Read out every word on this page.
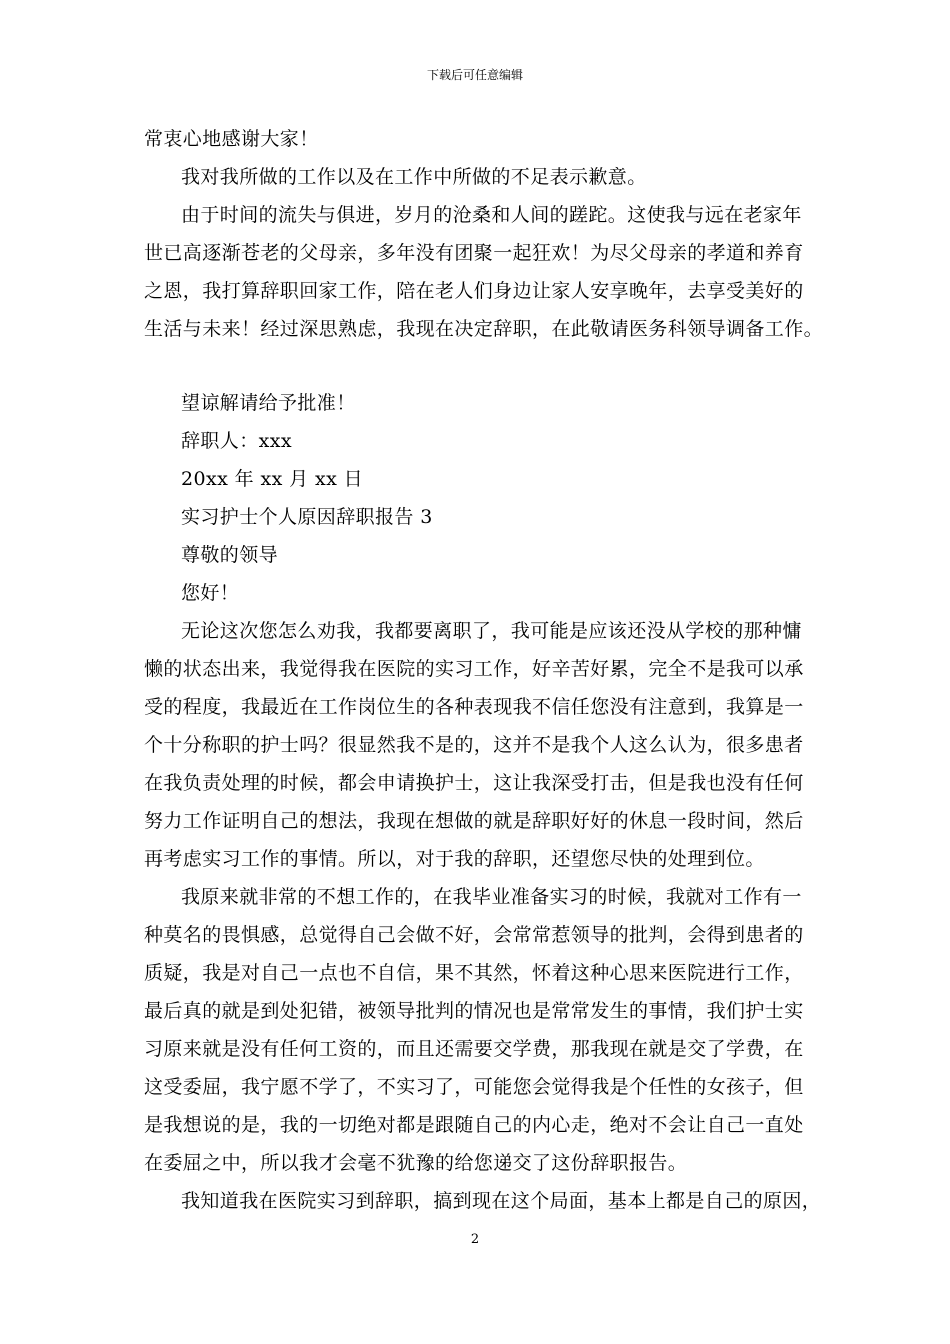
下载后可任意编辑
常衷心地感谢大家！
我对我所做的工作以及在工作中所做的不足表示歉意。
由于时间的流失与俱进，岁月的沧桑和人间的蹉跎。这使我与远在老家年
世已高逐渐苍老的父母亲，多年没有团聚一起狂欢！为尽父母亲的孝道和养育
之恩，我打算辞职回家工作，陪在老人们身边让家人安享晚年，去享受美好的
生活与未来！经过深思熟虑，我现在决定辞职，在此敬请医务科领导调备工作。
望谅解请给予批准！
辞职人：xxx
20xx 年 xx 月 xx 日
实习护士个人原因辞职报告 3
尊敬的领导
您好！
无论这次您怎么劝我，我都要离职了，我可能是应该还没从学校的那种慵
懒的状态出来，我觉得我在医院的实习工作，好辛苦好累，完全不是我可以承
受的程度，我最近在工作岗位生的各种表现我不信任您没有注意到，我算是一
个十分称职的护士吗？很显然我不是的，这并不是我个人这么认为，很多患者
在我负责处理的时候，都会申请换护士，这让我深受打击，但是我也没有任何
努力工作证明自己的想法，我现在想做的就是辞职好好的休息一段时间，然后
再考虑实习工作的事情。所以，对于我的辞职，还望您尽快的处理到位。
我原来就非常的不想工作的，在我毕业准备实习的时候，我就对工作有一
种莫名的畏惧感，总觉得自己会做不好，会常常惹领导的批判，会得到患者的
质疑，我是对自己一点也不自信，果不其然，怀着这种心思来医院进行工作，
最后真的就是到处犯错，被领导批判的情况也是常常发生的事情，我们护士实
习原来就是没有任何工资的，而且还需要交学费，那我现在就是交了学费，在
这受委屈，我宁愿不学了，不实习了，可能您会觉得我是个任性的女孩子，但
是我想说的是，我的一切绝对都是跟随自己的内心走，绝对不会让自己一直处
在委屈之中，所以我才会毫不犹豫的给您递交了这份辞职报告。
我知道我在医院实习到辞职，搞到现在这个局面，基本上都是自己的原因，
2
